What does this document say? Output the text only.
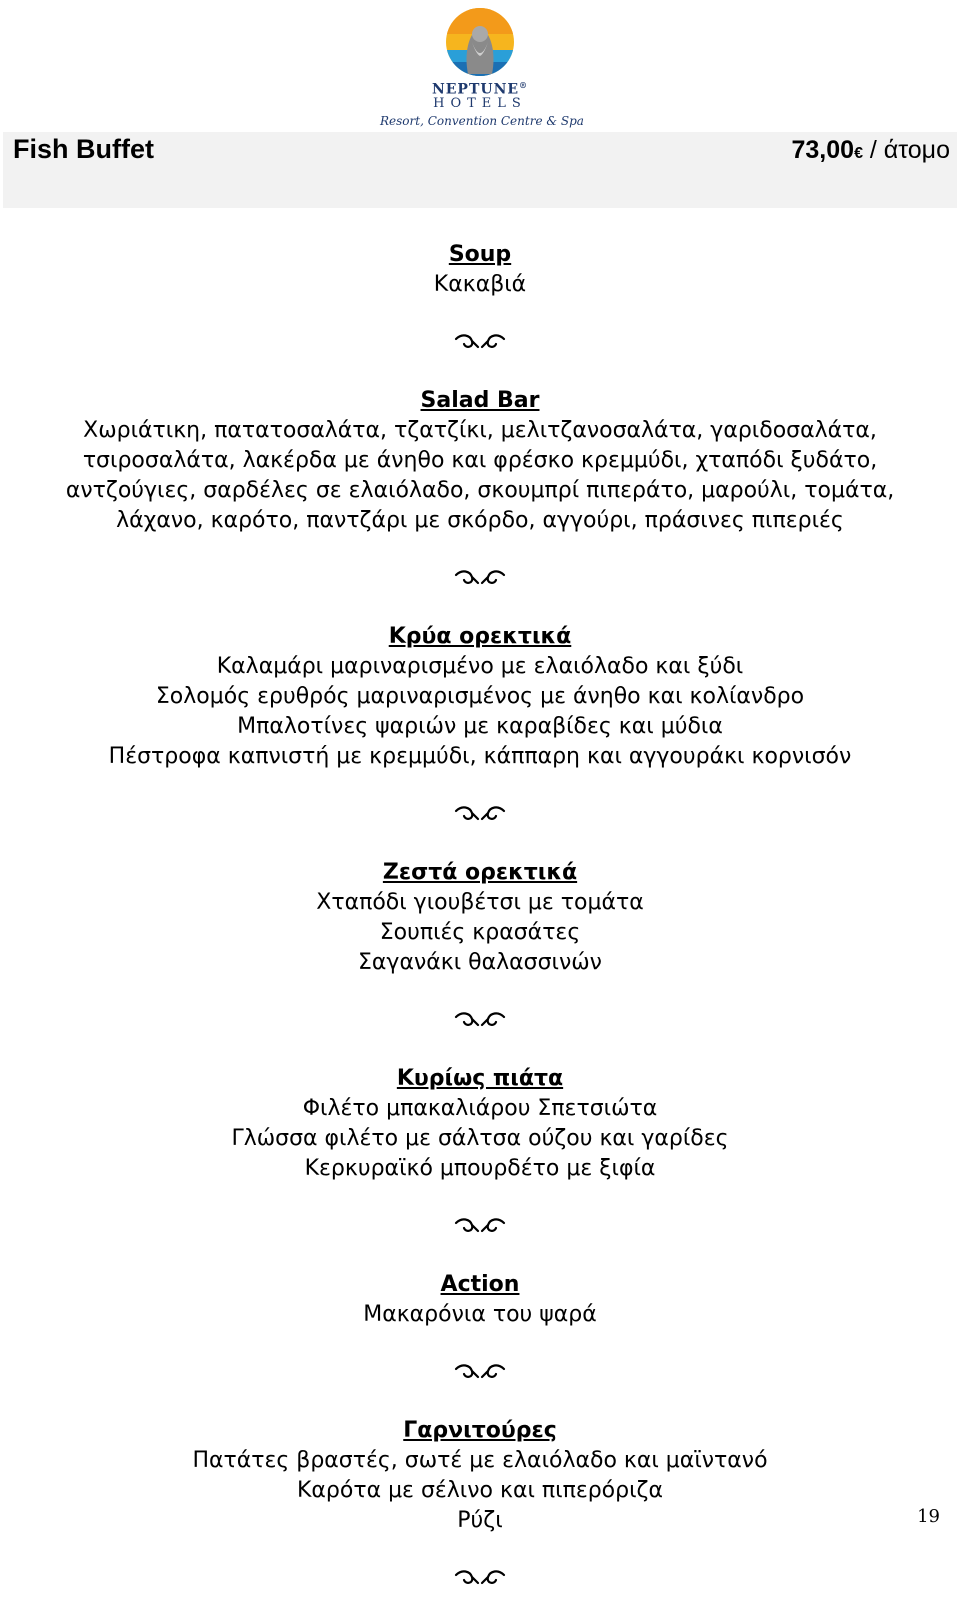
NEPTUNE®
HOTELS
Resort, Convention Centre & Spa
Fish Buffet	73,00€ / άτομο
Soup
Κακαβιά
Salad Bar
Χωριάτικη, πατατοσαλάτα, τζατζίκι, μελιτζανοσαλάτα, γαριδοσαλάτα,
τσιροσαλάτα, λακέρδα με άνηθο και φρέσκο κρεμμύδι, χταπόδι ξυδάτο,
αντζούγιες, σαρδέλες σε ελαιόλαδο, σκουμπρί πιπεράτο, μαρούλι, τομάτα,
λάχανο, καρότο, παντζάρι με σκόρδο, αγγούρι, πράσινες πιπεριές
Κρύα ορεκτικά
Καλαμάρι μαριναρισμένο με ελαιόλαδο και ξύδι
Σολομός ερυθρός μαριναρισμένος με άνηθο και κολίανδρο
Μπαλοτίνες ψαριών με καραβίδες και μύδια
Πέστροφα καπνιστή με κρεμμύδι, κάππαρη και αγγουράκι κορνισόν
Ζεστά ορεκτικά
Χταπόδι γιουβέτσι με τομάτα
Σουπιές κρασάτες
Σαγανάκι θαλασσινών
Κυρίως πιάτα
Φιλέτο μπακαλιάρου Σπετσιώτα
Γλώσσα φιλέτο με σάλτσα ούζου και γαρίδες
Κερκυραϊκό μπουρδέτο με ξιφία
Action
Μακαρόνια του ψαρά
Γαρνιτούρες
Πατάτες βραστές, σωτέ με ελαιόλαδο και μαϊντανό
Καρότα με σέλινο και πιπερόριζα
Ρύζι	19
